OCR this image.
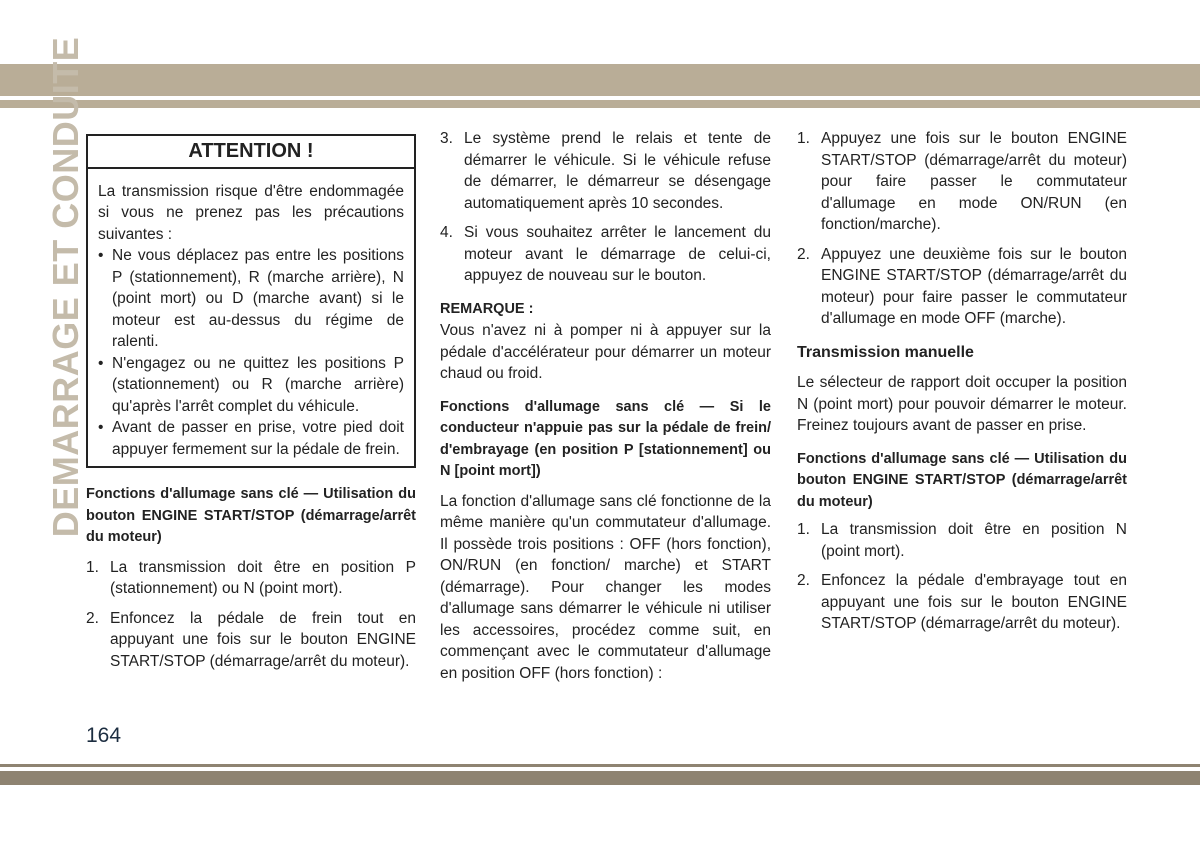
DEMARRAGE ET CONDUITE	ATTENTION !

La transmission risque d'être endommagée si vous ne prenez pas les précautions suivantes :

• Ne vous déplacez pas entre les positions P (stationnement), R (marche arrière), N (point mort) ou D (marche avant) si le moteur est au-dessus du régime de ralenti.
• N'engagez ou ne quittez les positions P (stationnement) ou R (marche arrière) qu'après l'arrêt complet du véhicule.
• Avant de passer en prise, votre pied doit appuyer fermement sur la pédale de frein.

Fonctions d'allumage sans clé — Utilisation du bouton ENGINE START/STOP (démarrage/arrêt du moteur)

1. La transmission doit être en position P (stationnement) ou N (point mort).
2. Enfoncez la pédale de frein tout en appuyant une fois sur le bouton ENGINE START/STOP (démarrage/arrêt du moteur).
3. Le système prend le relais et tente de démarrer le véhicule. Si le véhicule refuse de démarrer, le démarreur se désengage automatiquement après 10 secondes.
4. Si vous souhaitez arrêter le lancement du moteur avant le démarrage de celui-ci, appuyez de nouveau sur le bouton.

REMARQUE :

Vous n'avez ni à pomper ni à appuyer sur la pédale d'accélérateur pour démarrer un moteur chaud ou froid.

Fonctions d'allumage sans clé — Si le conducteur n'appuie pas sur la pédale de frein/ d'embrayage (en position P [stationnement] ou N [point mort])

La fonction d'allumage sans clé fonctionne de la même manière qu'un commutateur d'allumage. Il possède trois positions : OFF (hors fonction), ON/RUN (en fonction/ marche) et START (démarrage). Pour changer les modes d'allumage sans démarrer le véhicule ni utiliser les accessoires, procédez comme suit, en commençant avec le commutateur d'allumage en position OFF (hors fonction) :

1. Appuyez une fois sur le bouton ENGINE START/STOP (démarrage/arrêt du moteur) pour faire passer le commutateur d'allumage en mode ON/RUN (en fonction/marche).
2. Appuyez une deuxième fois sur le bouton ENGINE START/STOP (démarrage/arrêt du moteur) pour faire passer le commutateur d'allumage en mode OFF (marche).

Transmission manuelle

Le sélecteur de rapport doit occuper la position N (point mort) pour pouvoir démarrer le moteur. Freinez toujours avant de passer en prise.

Fonctions d'allumage sans clé — Utilisation du bouton ENGINE START/STOP (démarrage/arrêt du moteur)

1. La transmission doit être en position N (point mort).
2. Enfoncez la pédale d'embrayage tout en appuyant une fois sur le bouton ENGINE START/STOP (démarrage/arrêt du moteur).
164
